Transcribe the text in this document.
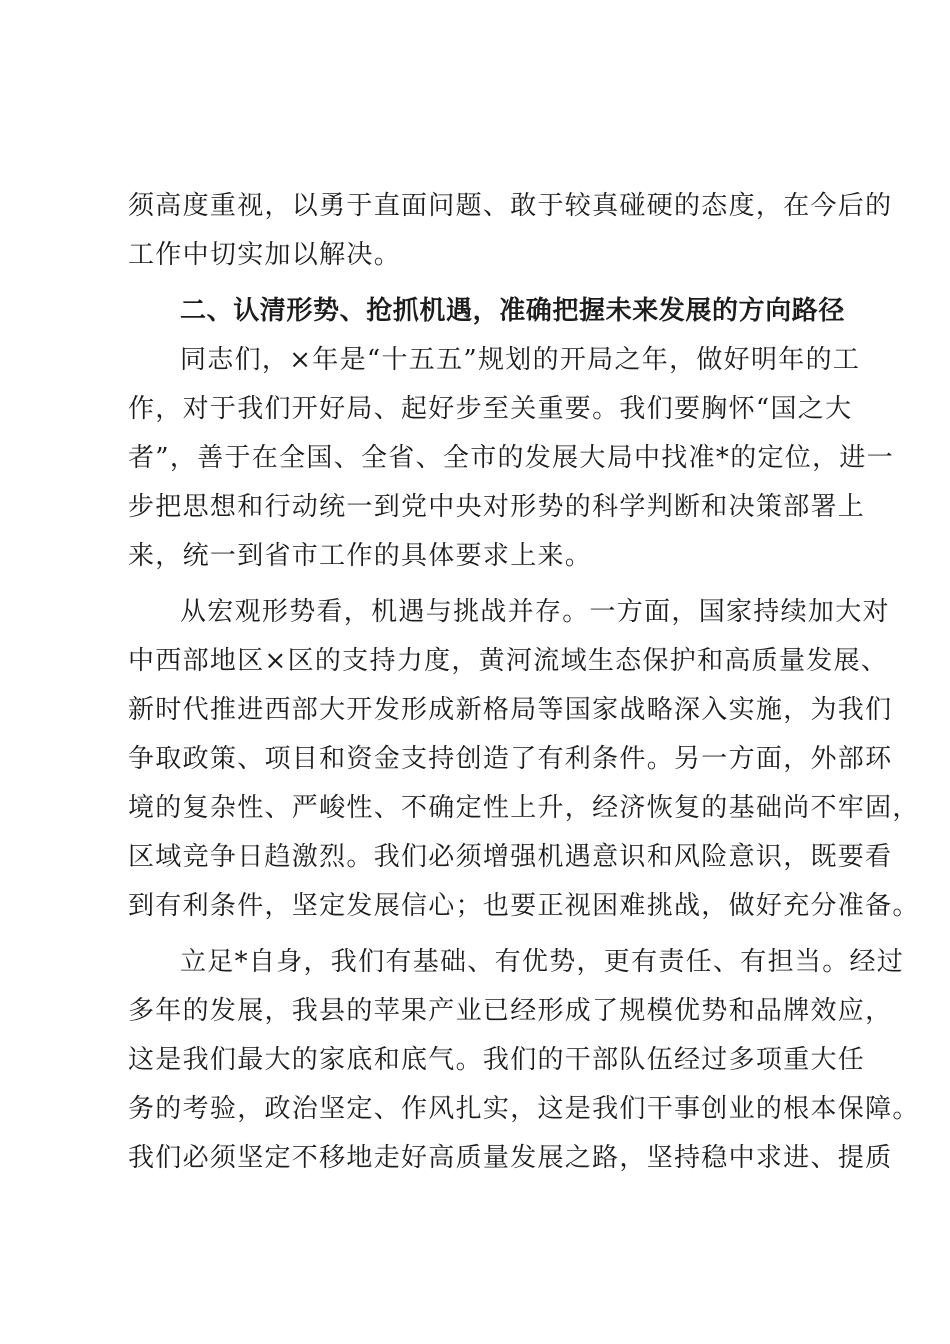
须高度重视，以勇于直面问题、敢于较真碰硬的态度，在今后的
工作中切实加以解决。
二、认清形势、抢抓机遇，准确把握未来发展的方向路径
同志们，×年是“十五五”规划的开局之年，做好明年的工
作，对于我们开好局、起好步至关重要。我们要胸怀“国之大
者”，善于在全国、全省、全市的发展大局中找准*的定位，进一
步把思想和行动统一到党中央对形势的科学判断和决策部署上
来，统一到省市工作的具体要求上来。
从宏观形势看，机遇与挑战并存。一方面，国家持续加大对
中西部地区×区的支持力度，黄河流域生态保护和高质量发展、
新时代推进西部大开发形成新格局等国家战略深入实施，为我们
争取政策、项目和资金支持创造了有利条件。另一方面，外部环
境的复杂性、严峻性、不确定性上升，经济恢复的基础尚不牢固，
区域竞争日趋激烈。我们必须增强机遇意识和风险意识，既要看
到有利条件，坚定发展信心；也要正视困难挑战，做好充分准备。
立足*自身，我们有基础、有优势，更有责任、有担当。经过
多年的发展，我县的苹果产业已经形成了规模优势和品牌效应，
这是我们最大的家底和底气。我们的干部队伍经过多项重大任
务的考验，政治坚定、作风扎实，这是我们干事创业的根本保障。
我们必须坚定不移地走好高质量发展之路，坚持稳中求进、提质
